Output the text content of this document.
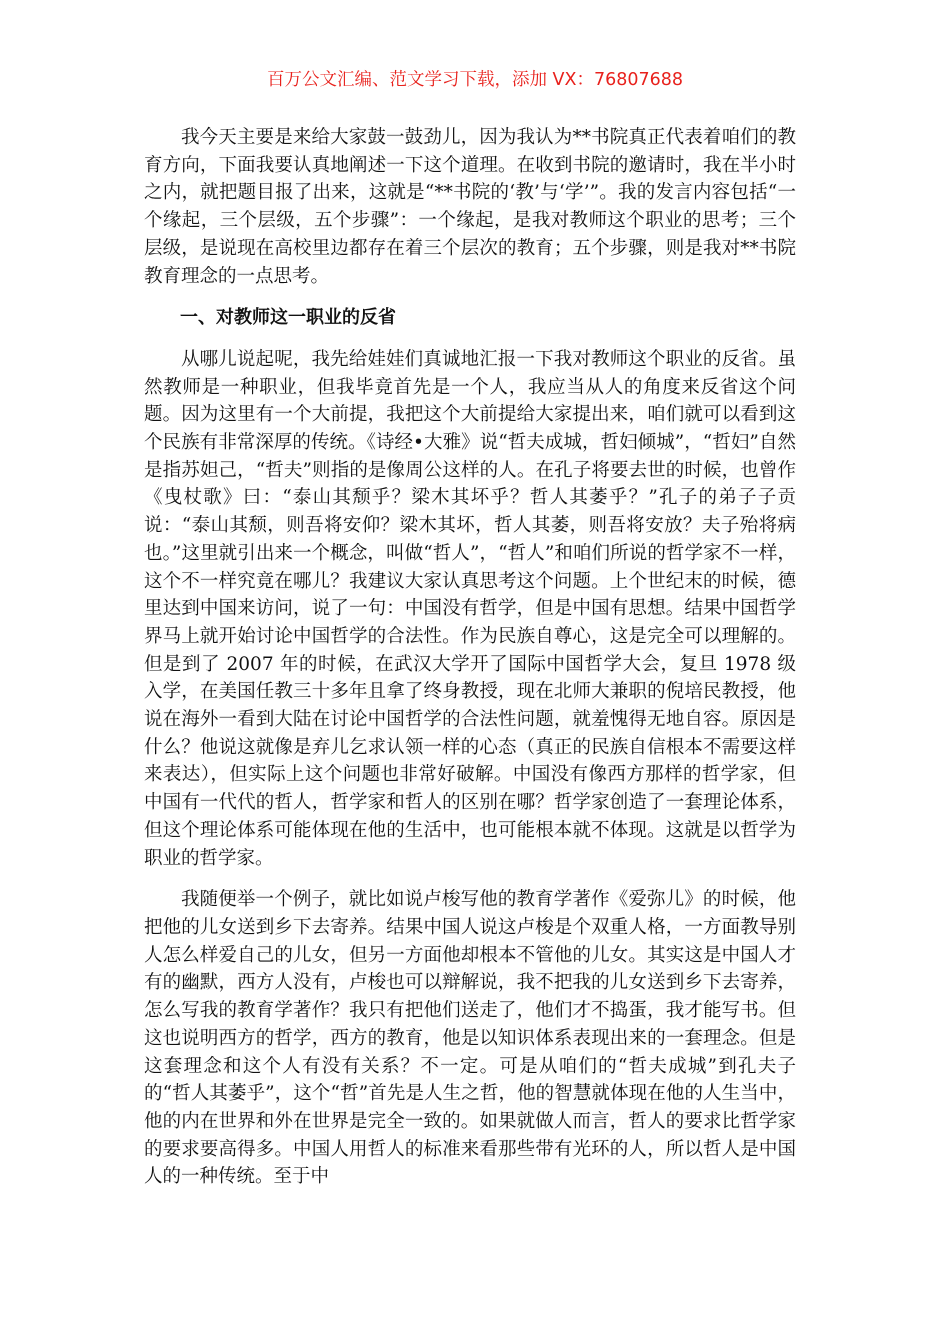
百万公文汇编、范文学习下载，添加 VX：76807688

我今天主要是来给大家鼓一鼓劲儿，因为我认为**书院真正代表着咱们的教育方向，下面我要认真地阐述一下这个道理。在收到书院的邀请时，我在半小时之内，就把题目报了出来，这就是“**书院的‘教’与‘学’”。我的发言内容包括“一个缘起，三个层级，五个步骤”：一个缘起，是我对教师这个职业的思考；三个层级，是说现在高校里边都存在着三个层次的教育；五个步骤，则是我对**书院教育理念的一点思考。

一、对教师这一职业的反省

从哪儿说起呢，我先给娃娃们真诚地汇报一下我对教师这个职业的反省。虽然教师是一种职业，但我毕竟首先是一个人，我应当从人的角度来反省这个问题。因为这里有一个大前提，我把这个大前提给大家提出来，咱们就可以看到这个民族有非常深厚的传统。《诗经•大雅》说“哲夫成城，哲妇倾城”，“哲妇”自然是指苏妲己，“哲夫”则指的是像周公这样的人。在孔子将要去世的时候，也曾作《曳杖歌》曰：“泰山其颓乎？梁木其坏乎？哲人其萎乎？”孔子的弟子子贡说：“泰山其颓，则吾将安仰？梁木其坏，哲人其萎，则吾将安放？夫子殆将病也。”这里就引出来一个概念，叫做“哲人”，“哲人”和咱们所说的哲学家不一样，这个不一样究竟在哪儿？我建议大家认真思考这个问题。上个世纪末的时候，德里达到中国来访问，说了一句：中国没有哲学，但是中国有思想。结果中国哲学界马上就开始讨论中国哲学的合法性。作为民族自尊心，这是完全可以理解的。但是到了 2007 年的时候，在武汉大学开了国际中国哲学大会，复旦 1978 级入学，在美国任教三十多年且拿了终身教授，现在北师大兼职的倪培民教授，他说在海外一看到大陆在讨论中国哲学的合法性问题，就羞愧得无地自容。原因是什么？他说这就像是弃儿乞求认领一样的心态（真正的民族自信根本不需要这样来表达），但实际上这个问题也非常好破解。中国没有像西方那样的哲学家，但中国有一代代的哲人，哲学家和哲人的区别在哪？哲学家创造了一套理论体系，但这个理论体系可能体现在他的生活中，也可能根本就不体现。这就是以哲学为职业的哲学家。

我随便举一个例子，就比如说卢梭写他的教育学著作《爱弥儿》的时候，他把他的儿女送到乡下去寄养。结果中国人说这卢梭是个双重人格，一方面教导别人怎么样爱自己的儿女，但另一方面他却根本不管他的儿女。其实这是中国人才有的幽默，西方人没有，卢梭也可以辩解说，我不把我的儿女送到乡下去寄养，怎么写我的教育学著作？我只有把他们送走了，他们才不捣蛋，我才能写书。但这也说明西方的哲学，西方的教育，他是以知识体系表现出来的一套理念。但是这套理念和这个人有没有关系？不一定。可是从咱们的“哲夫成城”到孔夫子的“哲人其萎乎”，这个“哲”首先是人生之哲，他的智慧就体现在他的人生当中，他的内在世界和外在世界是完全一致的。如果就做人而言，哲人的要求比哲学家的要求要高得多。中国人用哲人的标准来看那些带有光环的人，所以哲人是中国人的一种传统。至于中
